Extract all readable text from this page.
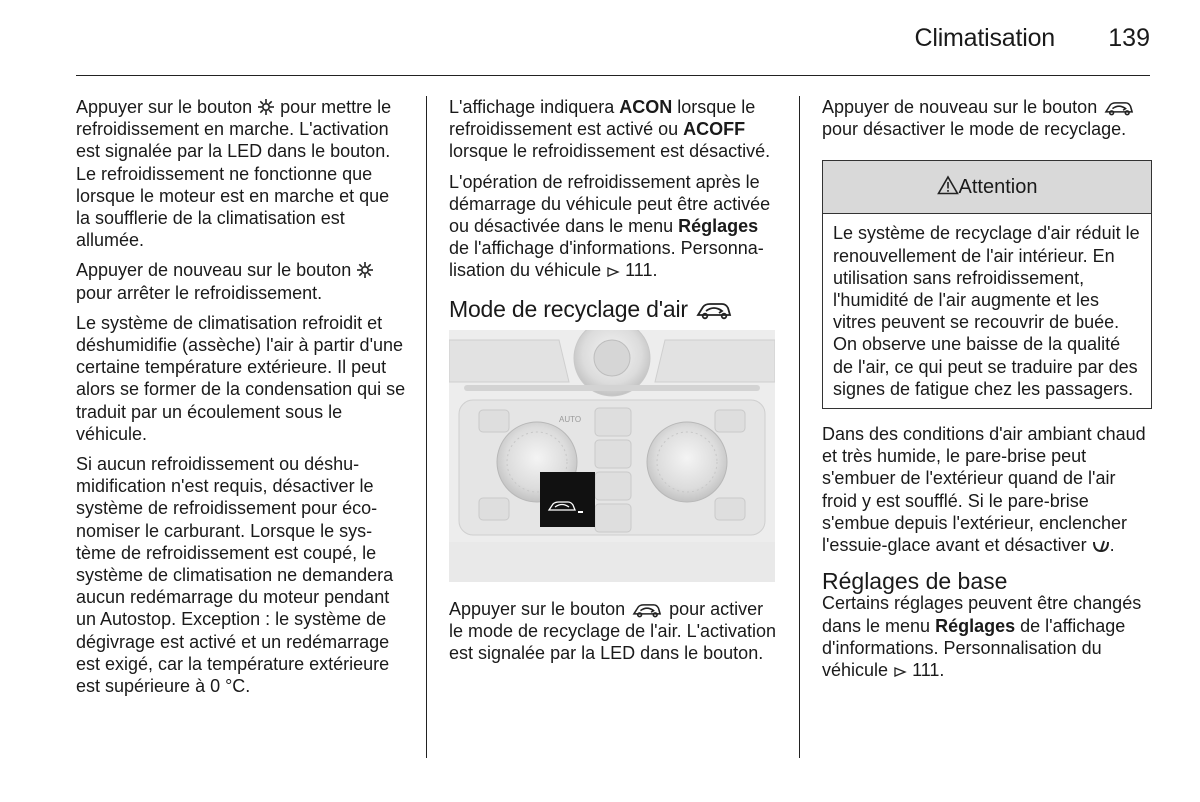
Climatisation 139

Appuyer sur le bouton  pour mettre le refroidissement en marche. L'activation est signalée par la LED dans le bouton. Le refroidissement ne fonctionne que lorsque le moteur est en marche et que la soufflerie de la climatisation est allumée.

Appuyer de nouveau sur le bouton  pour arrêter le refroidissement.

Le système de climatisation refroidit et déshumidifie (assèche) l'air à partir d'une certaine température extérieure. Il peut alors se former de la condensation qui se traduit par un écoulement sous le véhicule.

Si aucun refroidissement ou déshumidification n'est requis, désactiver le système de refroidissement pour économiser le carburant. Lorsque le système de refroidissement est coupé, le système de climatisation ne demandera aucun redémarrage du moteur pendant un Autostop. Exception : le système de dégivrage est activé et un redémarrage est exigé, car la température extérieure est supérieure à 0 °C.

L'affichage indiquera ACON lorsque le refroidissement est activé ou ACOFF lorsque le refroidissement est désactivé.

L'opération de refroidissement après le démarrage du véhicule peut être activée ou désactivée dans le menu Réglages de l'affichage d'informations. Personnalisation du véhicule  111.

Mode de recyclage d'air
AUTO

Appuyer sur le bouton  pour activer le mode de recyclage de l'air. L'activation est signalée par la LED dans le bouton.

Appuyer de nouveau sur le bouton  pour désactiver le mode de recyclage.

Attention
Le système de recyclage d'air réduit le renouvellement de l'air intérieur. En utilisation sans refroidissement, l'humidité de l'air augmente et les vitres peuvent se recouvrir de buée. On observe une baisse de la qualité de l'air, ce qui peut se traduire par des signes de fatigue chez les passagers.

Dans des conditions d'air ambiant chaud et très humide, le pare-brise peut s'embuer de l'extérieur quand de l'air froid y est soufflé. Si le pare-brise s'embue depuis l'extérieur, enclencher l'essuie-glace avant et désactiver .

Réglages de base

Certains réglages peuvent être changés dans le menu Réglages de l'affichage d'informations. Personnalisation du véhicule  111.
